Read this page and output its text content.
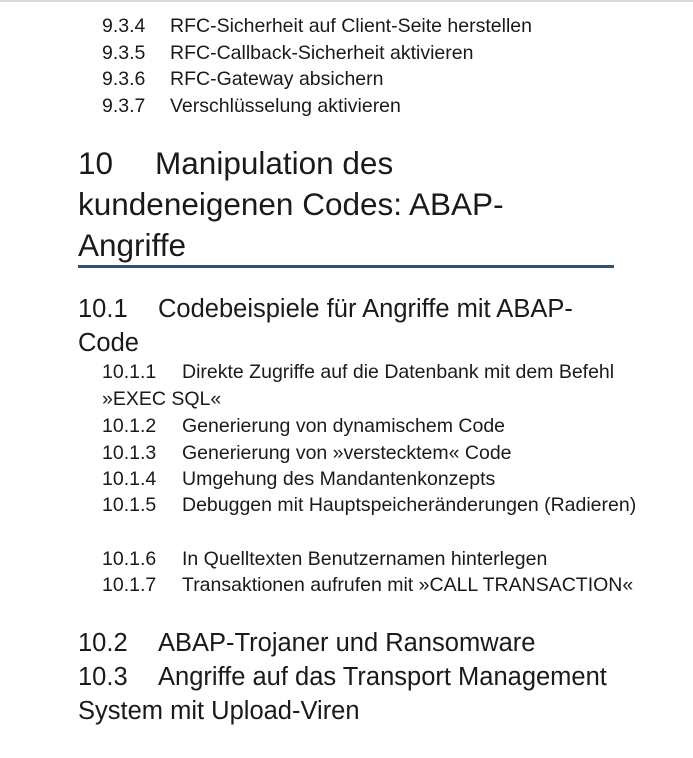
9.3.4 RFC-Sicherheit auf Client-Seite herstellen
9.3.5 RFC-Callback-Sicherheit aktivieren
9.3.6 RFC-Gateway absichern
9.3.7 Verschlüsselung aktivieren
10 Manipulation des kundeneigenen Codes: ABAP-Angriffe
10.1 Codebeispiele für Angriffe mit ABAP-Code
10.1.1 Direkte Zugriffe auf die Datenbank mit dem Befehl »EXEC SQL«
10.1.2 Generierung von dynamischem Code
10.1.3 Generierung von »verstecktem« Code
10.1.4 Umgehung des Mandantenkonzepts
10.1.5 Debuggen mit Hauptspeicheränderungen (Radieren)
10.1.6 In Quelltexten Benutzernamen hinterlegen
10.1.7 Transaktionen aufrufen mit »CALL TRANSACTION«
10.2 ABAP-Trojaner und Ransomware
10.3 Angriffe auf das Transport Management System mit Upload-Viren
